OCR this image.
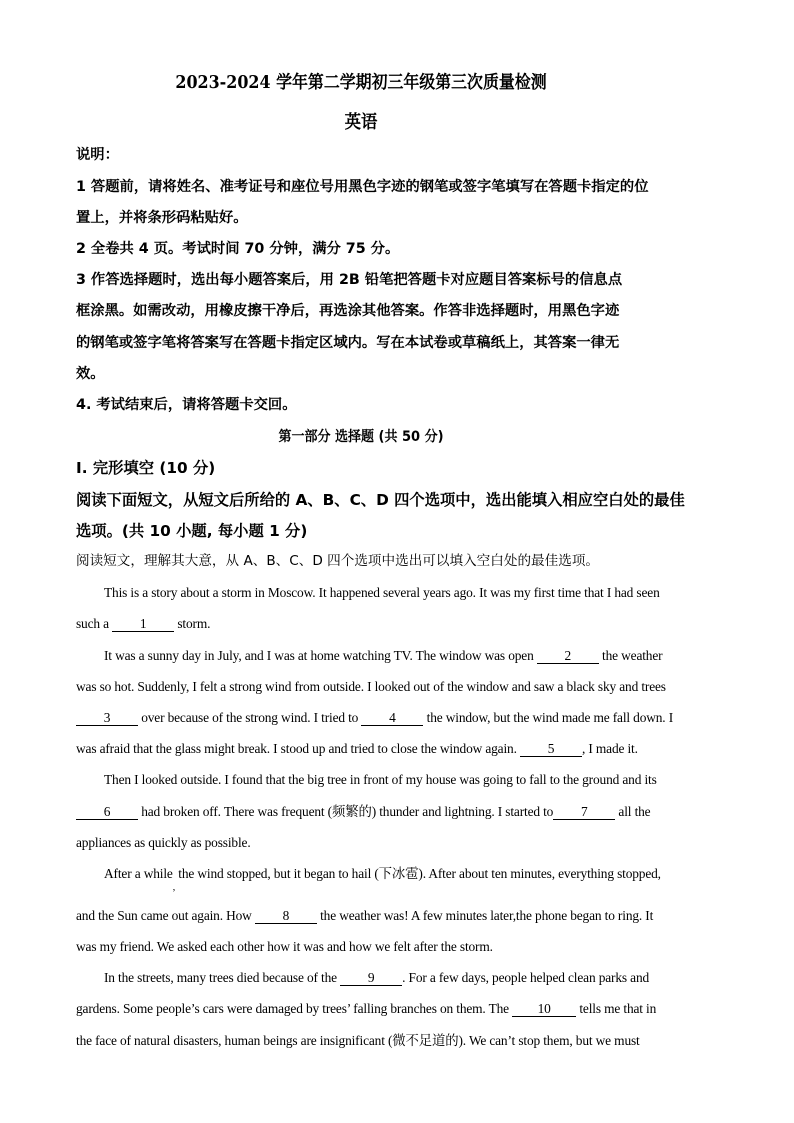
2023-2024 学年第二学期初三年级第三次质量检测
英语
说明：
1 答题前，请将姓名、准考证号和座位号用黑色字迹的钢笔或签字笔填写在答题卡指定的位
置上，并将条形码粘贴好。
2 全卷共 4 页。考试时间 70 分钟，满分 75 分。
3 作答选择题时，选出每小题答案后，用 2B 铅笔把答题卡对应题目答案标号的信息点
框涂黑。如需改动，用橡皮擦干净后，再选涂其他答案。作答非选择题时，用黑色字迹
的钢笔或签字笔将答案写在答题卡指定区域内。写在本试卷或草稿纸上，其答案一律无
效。
4. 考试结束后，请将答题卡交回。
第一部分 选择题 (共 50 分)
Ⅰ. 完形填空 (10 分)
阅读下面短文，从短文后所给的 A、B、C、D 四个选项中，选出能填入相应空白处的最佳
选项。(共 10 小题, 每小题 1 分)
阅读短文，理解其大意，从 A、B、C、D 四个选项中选出可以填入空白处的最佳选项。
This is a story about a storm in Moscow. It happened several years ago. It was my first time that I had seen
such a 1 storm.
It was a sunny day in July, and I was at home watching TV. The window was open 2 the weather
was so hot. Suddenly, I felt a strong wind from outside. I looked out of the window and saw a black sky and trees
3 over because of the strong wind. I tried to 4 the window, but the wind made me fall down. I
was afraid that the glass might break. I stood up and tried to close the window again. 5 , I made it.
Then I looked outside. I found that the big tree in front of my house was going to fall to the ground and its
6 had broken off. There was frequent (频繁的) thunder and lightning. I started to 7 all the
appliances as quickly as possible.
After a while$_,$ the wind stopped, but it began to hail (下冰雹). After about ten minutes, everything stopped,
and the Sun came out again. How 8 the weather was! A few minutes later,the phone began to ring. It
was my friend. We asked each other how it was and how we felt after the storm.
In the streets, many trees died because of the 9 . For a few days, people helped clean parks and
gardens. Some people’s cars were damaged by trees’ falling branches on them. The 10 tells me that in
the face of natural disasters, human beings are insignificant (微不足道的). We can’t stop them, but we must
